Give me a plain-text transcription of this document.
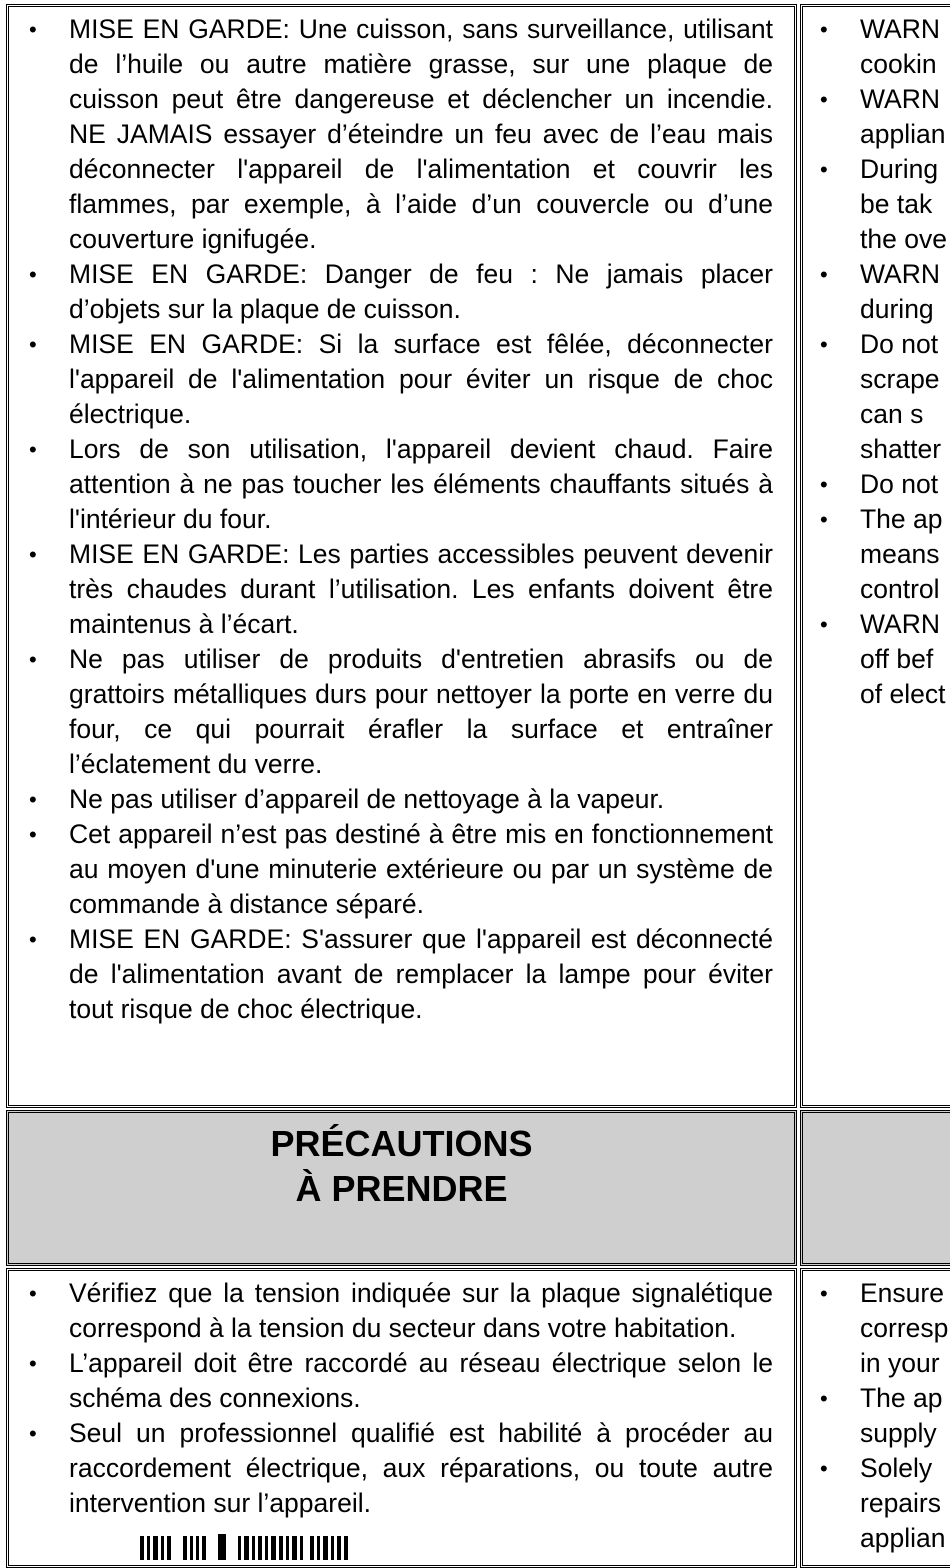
• MISE EN GARDE: Une cuisson, sans surveillance, utilisant de l’huile ou autre matière grasse, sur une plaque de cuisson peut être dangereuse et déclencher un incendie. NE JAMAIS essayer d’éteindre un feu avec de l’eau mais déconnecter l'appareil de l'alimentation et couvrir les flammes, par exemple, à l’aide d’un couvercle ou d’une couverture ignifugée.
• MISE EN GARDE: Danger de feu : Ne jamais placer d’objets sur la plaque de cuisson.
• MISE EN GARDE: Si la surface est fêlée, déconnecter l'appareil de l'alimentation pour éviter un risque de choc électrique.
• Lors de son utilisation, l'appareil devient chaud. Faire attention à ne pas toucher les éléments chauffants situés à l'intérieur du four.
• MISE EN GARDE: Les parties accessibles peuvent devenir très chaudes durant l’utilisation. Les enfants doivent être maintenus à l’écart.
• Ne pas utiliser de produits d'entretien abrasifs ou de grattoirs métalliques durs pour nettoyer la porte en verre du four, ce qui pourrait érafler la surface et entraîner l’éclatement du verre.
• Ne pas utiliser d’appareil de nettoyage à la vapeur.
• Cet appareil n’est pas destiné à être mis en fonctionnement au moyen d'une minuterie extérieure ou par un système de commande à distance séparé.
• MISE EN GARDE: S'assurer que l'appareil est déconnecté de l'alimentation avant de remplacer la lampe pour éviter tout risque de choc électrique.
• WARN
cookin
• WARN
applian
• During
be tak
the ove
• WARN
during
• Do not
scrape
can s
shatter
• Do not
• The ap
means
control
• WARN
off bef
of elect
PRÉCAUTIONS
À PRENDRE
• Vérifiez que la tension indiquée sur la plaque signalétique correspond à la tension du secteur dans votre habitation.
• L’appareil doit être raccordé au réseau électrique selon le schéma des connexions.
• Seul un professionnel qualifié est habilité à procéder au raccordement électrique, aux réparations, ou toute autre intervention sur l’appareil.
• Ensure
corresp
in your
• The ap
supply
• Solely
repairs
applian
